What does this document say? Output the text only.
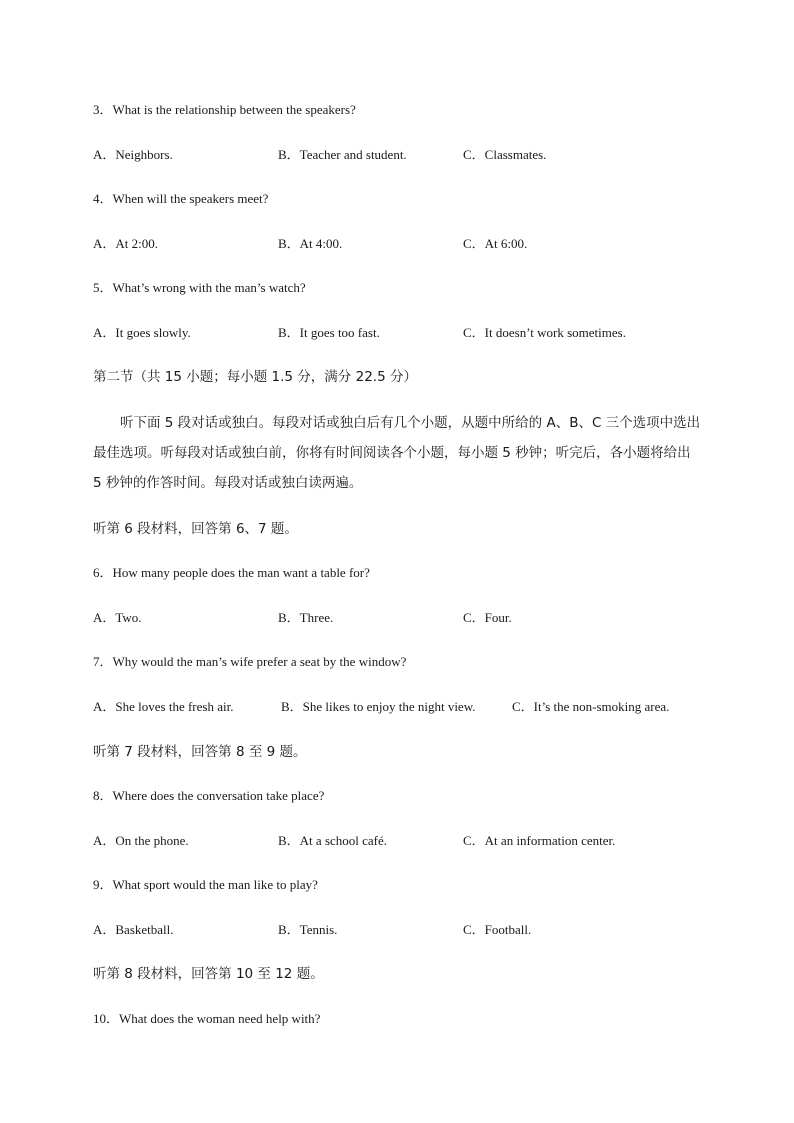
3．What is the relationship between the speakers?
A．Neighbors.	B．Teacher and student.	C．Classmates.
4．When will the speakers meet?
A．At 2:00.	B．At 4:00.	C．At 6:00.
5．What’s wrong with the man’s watch?
A．It goes slowly.	B．It goes too fast.	C．It doesn’t work sometimes.
第二节（共 15 小题；每小题 1.5 分，满分 22.5 分）
听下面 5 段对话或独白。每段对话或独白后有几个小题，从题中所给的 A、B、C 三个选项中选出最佳选项。听每段对话或独白前，你将有时间阅读各个小题，每小题 5 秒钟；听完后，各小题将给出 5 秒钟的作答时间。每段对话或独白读两遍。
听第 6 段材料，回答第 6、7 题。
6．How many people does the man want a table for?
A．Two.	B．Three.	C．Four.
7．Why would the man’s wife prefer a seat by the window?
A．She loves the fresh air.	B．She likes to enjoy the night view.	C．It’s the non-smoking area.
听第 7 段材料，回答第 8 至 9 题。
8．Where does the conversation take place?
A．On the phone.	B．At a school café.	C．At an information center.
9．What sport would the man like to play?
A．Basketball.	B．Tennis.	C．Football.
听第 8 段材料，回答第 10 至 12 题。
10．What does the woman need help with?
